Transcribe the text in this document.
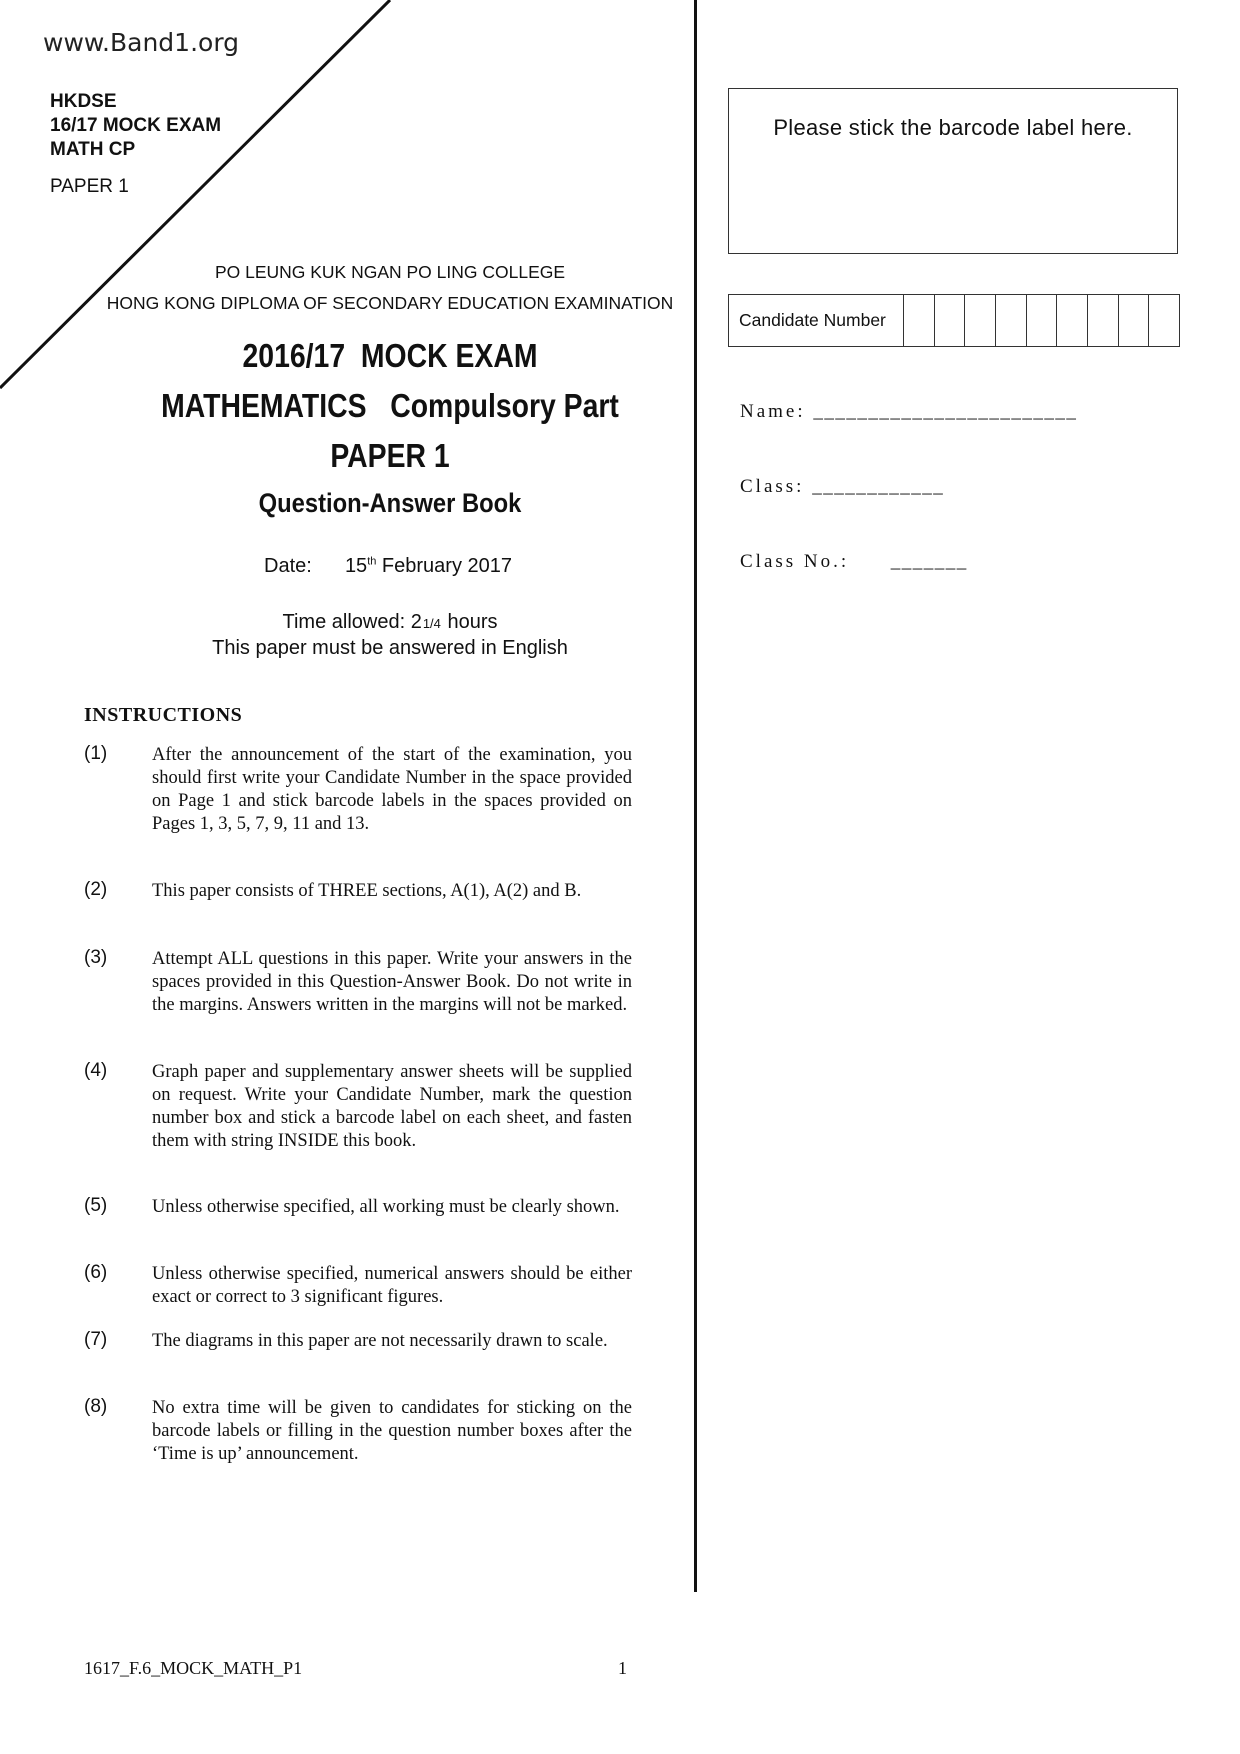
www.Band1.org
HKDSE
16/17 MOCK EXAM
MATH CP
PAPER 1
PO LEUNG KUK NGAN PO LING COLLEGE
HONG KONG DIPLOMA OF SECONDARY EDUCATION EXAMINATION
2016/17  MOCK EXAM
MATHEMATICS   Compulsory Part
PAPER 1
Question-Answer Book
Date: 15th February 2017
Time allowed: 21/4 hours
This paper must be answered in English
INSTRUCTIONS
(1) After the announcement of the start of the examination, you should first write your Candidate Number in the space provided on Page 1 and stick barcode labels in the spaces provided on Pages 1, 3, 5, 7, 9, 11 and 13.
(2) This paper consists of THREE sections, A(1), A(2) and B.
(3) Attempt ALL questions in this paper. Write your answers in the spaces provided in this Question-Answer Book. Do not write in the margins. Answers written in the margins will not be marked.
(4) Graph paper and supplementary answer sheets will be supplied on request. Write your Candidate Number, mark the question number box and stick a barcode label on each sheet, and fasten them with string INSIDE this book.
(5) Unless otherwise specified, all working must be clearly shown.
(6) Unless otherwise specified, numerical answers should be either exact or correct to 3 significant figures.
(7) The diagrams in this paper are not necessarily drawn to scale.
(8) No extra time will be given to candidates for sticking on the barcode labels or filling in the question number boxes after the ‘Time is up’ announcement.
Please stick the barcode label here.
Candidate Number
Name: ________________________
Class: ____________
Class No.: _______
1617_F.6_MOCK_MATH_P1	1
